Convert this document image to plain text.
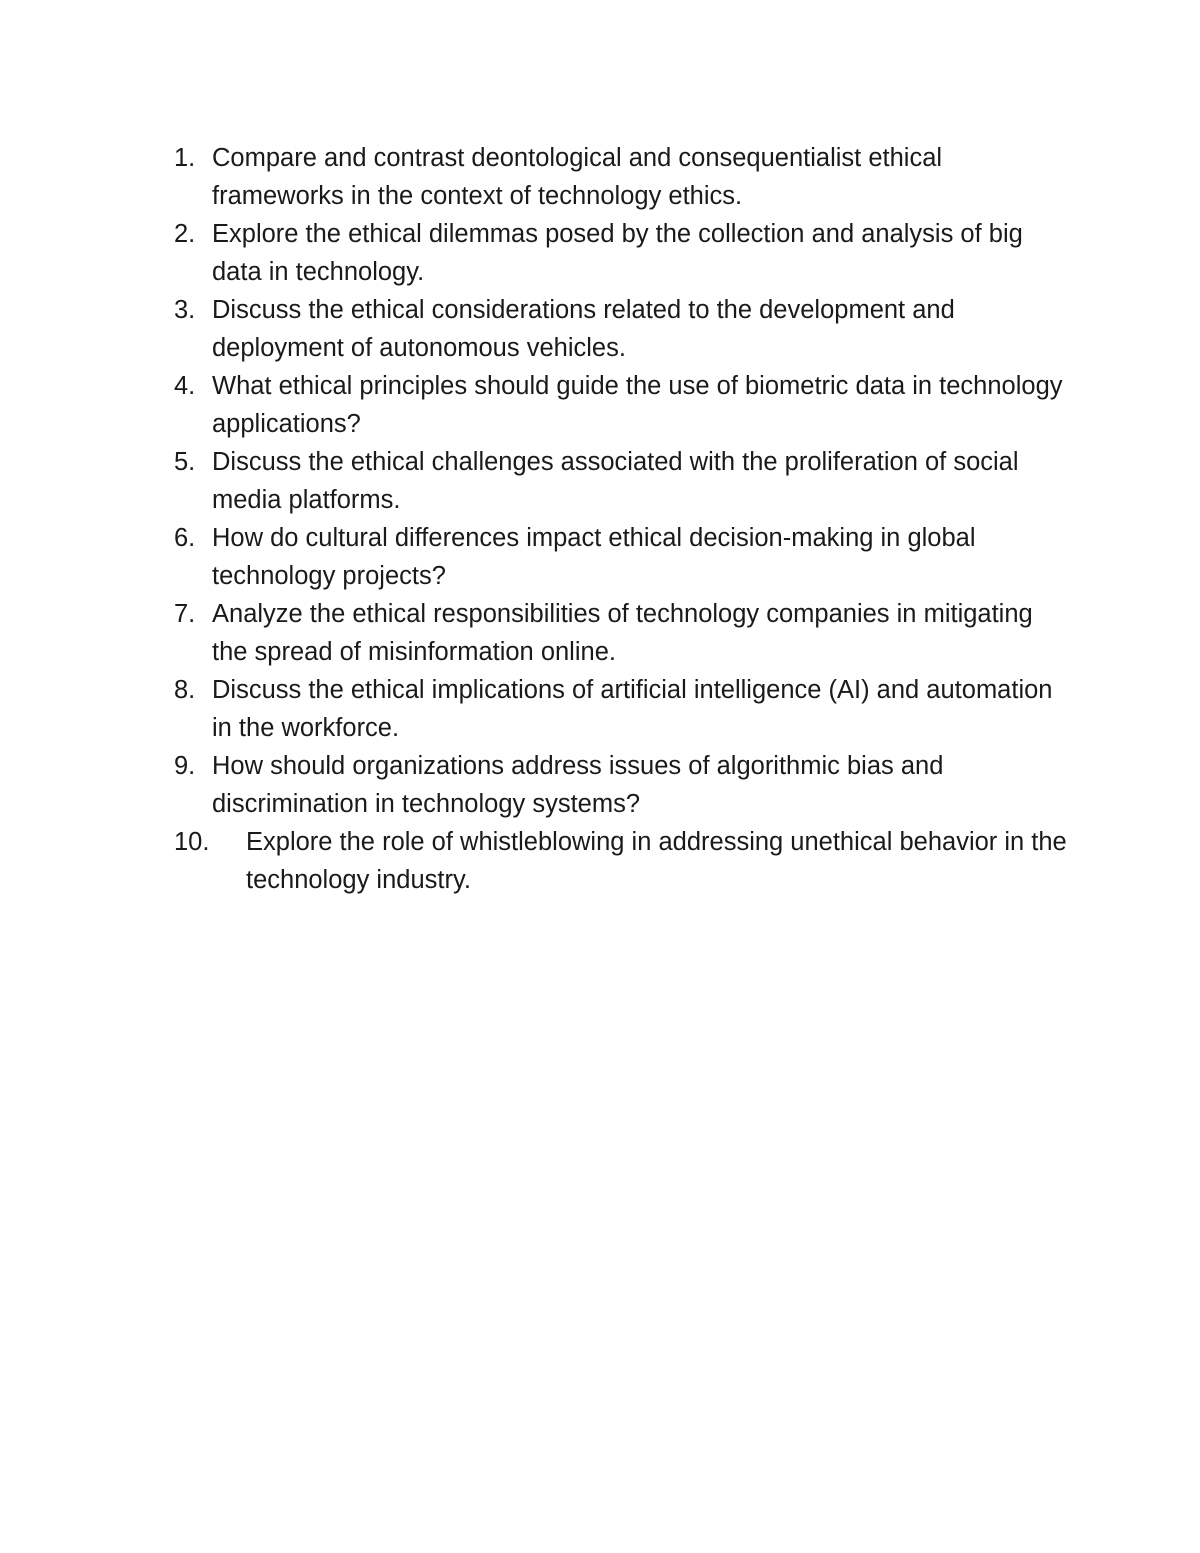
1. Compare and contrast deontological and consequentialist ethical frameworks in the context of technology ethics.
2. Explore the ethical dilemmas posed by the collection and analysis of big data in technology.
3. Discuss the ethical considerations related to the development and deployment of autonomous vehicles.
4. What ethical principles should guide the use of biometric data in technology applications?
5. Discuss the ethical challenges associated with the proliferation of social media platforms.
6. How do cultural differences impact ethical decision-making in global technology projects?
7. Analyze the ethical responsibilities of technology companies in mitigating the spread of misinformation online.
8. Discuss the ethical implications of artificial intelligence (AI) and automation in the workforce.
9. How should organizations address issues of algorithmic bias and discrimination in technology systems?
10.	Explore the role of whistleblowing in addressing unethical behavior in the technology industry.
